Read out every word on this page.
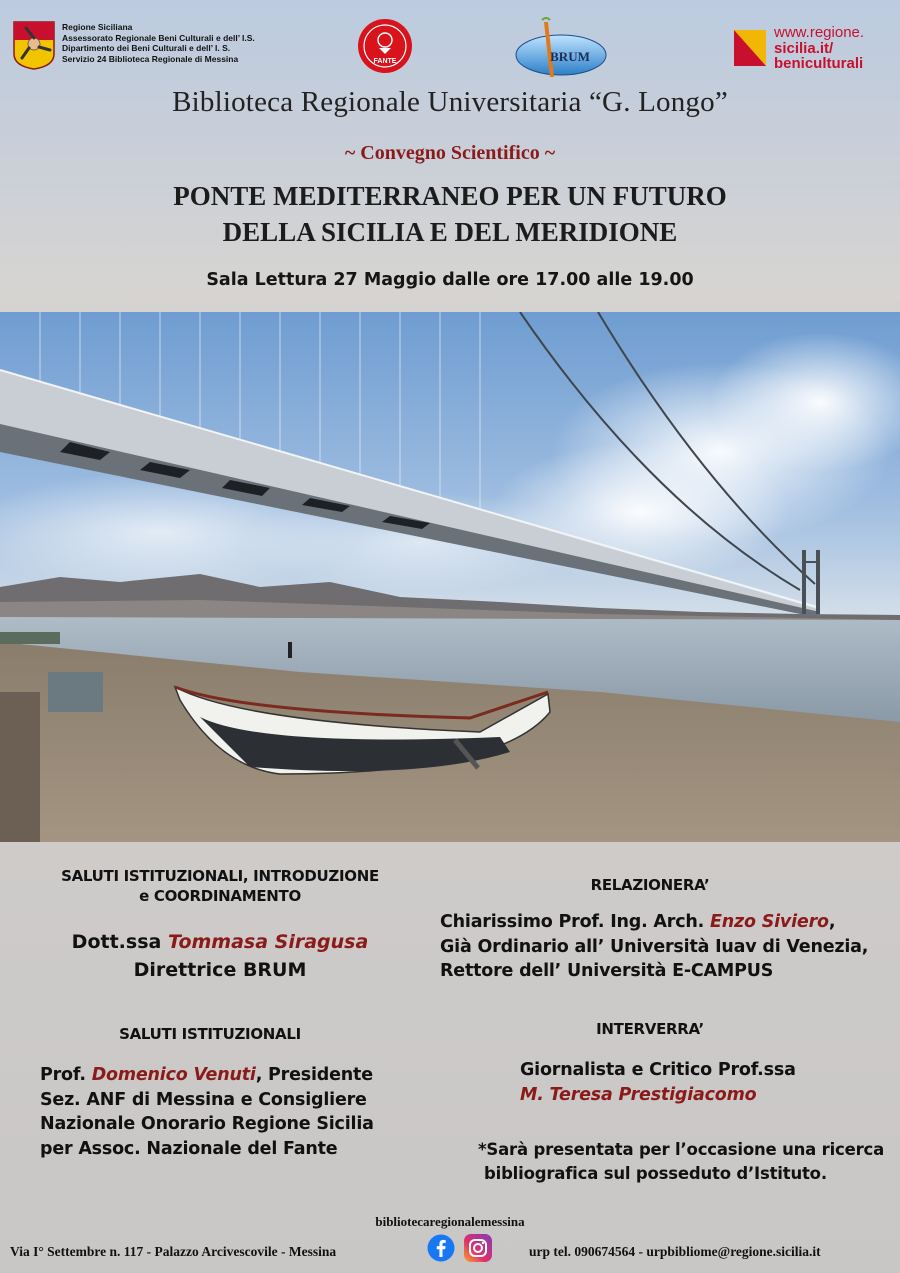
Regione Siciliana
Assessorato Regionale Beni Culturali e dell’ I.S.
Dipartimento dei Beni Culturali e dell’ I. S.
Servizio 24 Biblioteca Regionale di Messina	FANTE	BRUM
www.regione.
sicilia.it/
beniculturali
Biblioteca Regionale Universitaria “G. Longo”
~ Convegno Scientifico ~
PONTE MEDITERRANEO PER UN FUTURO
DELLA SICILIA E DEL MERIDIONE
Sala Lettura 27 Maggio dalle ore 17.00 alle 19.00
SALUTI ISTITUZIONALI, INTRODUZIONE
e COORDINAMENTO
Dott.ssa Tommasa Siragusa
Direttrice BRUM
SALUTI ISTITUZIONALI
Prof. Domenico Venuti, Presidente
Sez. ANF di Messina e Consigliere
Nazionale Onorario Regione Sicilia
per Assoc. Nazionale del Fante
RELAZIONERA’
Chiarissimo Prof. Ing. Arch. Enzo Siviero,
Già Ordinario all’ Università Iuav di Venezia,
Rettore dell’ Università E-CAMPUS
INTERVERRA’
Giornalista e Critico Prof.ssa
M. Teresa Prestigiacomo
*Sarà presentata per l’occasione una ricerca
bibliografica sul posseduto d’Istituto.
bibliotecaregionalemessina
Via I° Settembre n. 117 - Palazzo Arcivescovile - Messina	urp tel. 090674564 - urpbibliome@regione.sicilia.it
